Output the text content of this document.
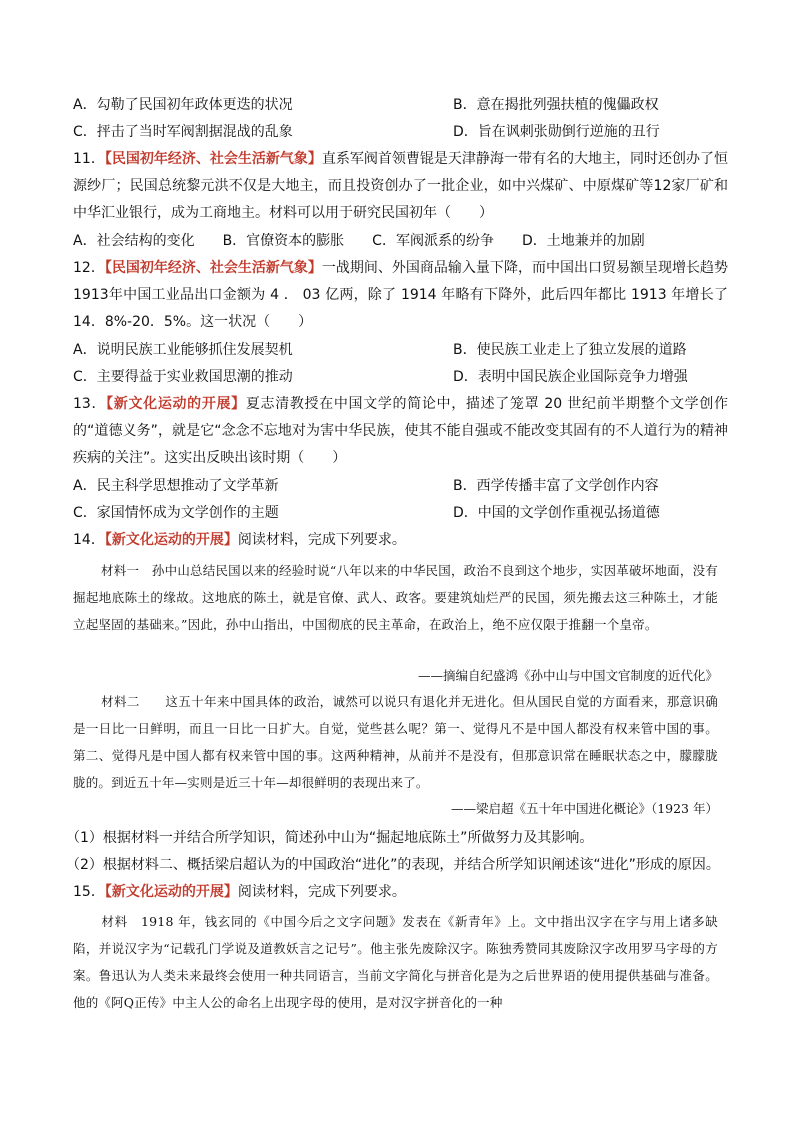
A．勾勒了民国初年政体更迭的状况	B．意在揭批列强扶植的傀儡政权
C．抨击了当时军阀割据混战的乱象	D．旨在讽刺张勋倒行逆施的丑行
11．【民国初年经济、社会生活新气象】直系军阀首领曹锟是天津静海一带有名的大地主，同时还创办了恒源纱厂；民国总统黎元洪不仅是大地主，而且投资创办了一批企业，如中兴煤矿、中原煤矿等12家厂矿和中华汇业银行，成为工商地主。材料可以用于研究民国初年（　　）
A．社会结构的变化　　B．官僚资本的膨胀　　C．军阀派系的纷争　　D．土地兼并的加剧
12．【民国初年经济、社会生活新气象】一战期间、外国商品输入量下降，而中国出口贸易额呈现增长趋势1913年中国工业品出口金额为 4 ． 03 亿两，除了 1914 年略有下降外，此后四年都比 1913 年增长了14．8%-20．5%。这一状况（　　）
A．说明民族工业能够抓住发展契机	B．使民族工业走上了独立发展的道路
C．主要得益于实业救国思潮的推动	D．表明中国民族企业国际竞争力增强
13．【新文化运动的开展】夏志清教授在中国文学的简论中，描述了笼罩 20 世纪前半期整个文学创作的“道德义务”，就是它“念念不忘地对为害中华民族，使其不能自强或不能改变其固有的不人道行为的精神疾病的关注”。这实出反映出该时期（　　）
A．民主科学思想推动了文学革新	B．西学传播丰富了文学创作内容
C．家国情怀成为文学创作的主题	D．中国的文学创作重视弘扬道德
14．【新文化运动的开展】阅读材料，完成下列要求。
材料一　孙中山总结民国以来的经验时说“八年以来的中华民国，政治不良到这个地步，实因革破坏地面，没有掘起地底陈土的缘故。这地底的陈土，就是官僚、武人、政客。要建筑灿烂严的民国，须先搬去这三种陈土，才能立起坚固的基础来。”因此，孙中山指出，中国彻底的民主革命，在政治上，绝不应仅限于推翻一个皇帝。
——摘编自纪盛鸿《孙中山与中国文官制度的近代化》
材料二　　这五十年来中国具体的政治，诚然可以说只有退化并无进化。但从国民自觉的方面看来，那意识确是一日比一日鲜明，而且一日比一日扩大。自觉，觉些甚么呢？第一、觉得凡不是中国人都没有权来管中国的事。第二、觉得凡是中国人都有权来管中国的事。这两种精神，从前并不是没有，但那意识常在睡眠状态之中，朦朦胧胧的。到近五十年—实则是近三十年—却很鲜明的表现出来了。
——梁启超《五十年中国进化概论》（1923 年）
（1）根据材料一并结合所学知识，简述孙中山为“掘起地底陈土”所做努力及其影响。
（2）根据材料二、概括梁启超认为的中国政治“进化”的表现，并结合所学知识阐述该“进化”形成的原因。
15．【新文化运动的开展】阅读材料，完成下列要求。
材料　1918 年，钱玄同的《中国今后之文字问题》发表在《新青年》上。文中指出汉字在字与用上诸多缺陷，并说汉字为“记载孔门学说及道教妖言之记号”。他主张先废除汉字。陈独秀赞同其废除汉字改用罗马字母的方案。鲁迅认为人类未来最终会使用一种共同语言，当前文字简化与拼音化是为之后世界语的使用提供基础与准备。他的《阿Q正传》中主人公的命名上出现字母的使用，是对汉字拼音化的一种
